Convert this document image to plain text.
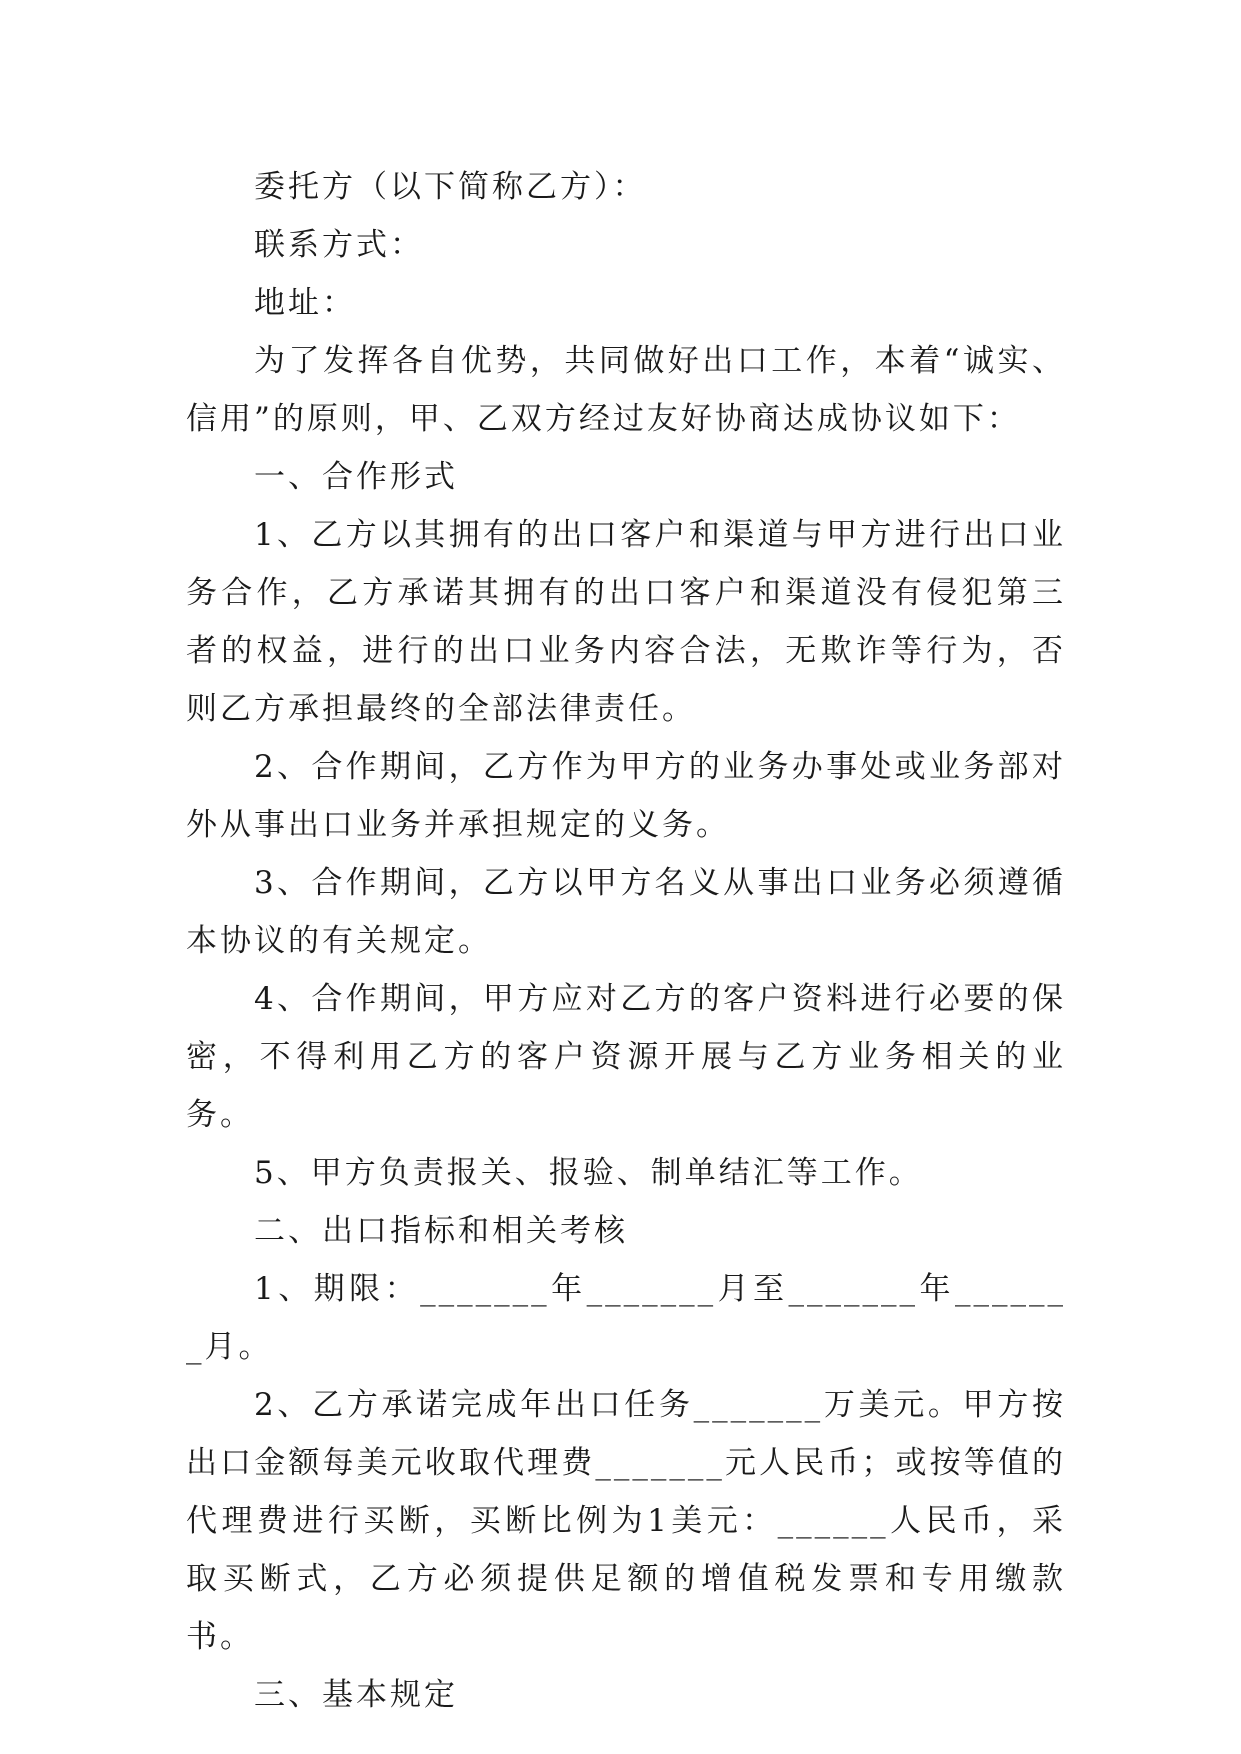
委托方（以下简称乙方）：

联系方式：

地址：

为了发挥各自优势，共同做好出口工作，本着“诚实、信用”的原则，甲、乙双方经过友好协商达成协议如下：

一、合作形式

1、乙方以其拥有的出口客户和渠道与甲方进行出口业务合作，乙方承诺其拥有的出口客户和渠道没有侵犯第三者的权益，进行的出口业务内容合法，无欺诈等行为，否则乙方承担最终的全部法律责任。

2、合作期间，乙方作为甲方的业务办事处或业务部对外从事出口业务并承担规定的义务。

3、合作期间，乙方以甲方名义从事出口业务必须遵循本协议的有关规定。

4、合作期间，甲方应对乙方的客户资料进行必要的保密，不得利用乙方的客户资源开展与乙方业务相关的业务。

5、甲方负责报关、报验、制单结汇等工作。

二、出口指标和相关考核

1、期限：_______年_______月至_______年_______月。

2、乙方承诺完成年出口任务_______万美元。甲方按出口金额每美元收取代理费_______元人民币；或按等值的代理费进行买断，买断比例为1美元：______人民币，采取买断式，乙方必须提供足额的增值税发票和专用缴款书。

三、基本规定
